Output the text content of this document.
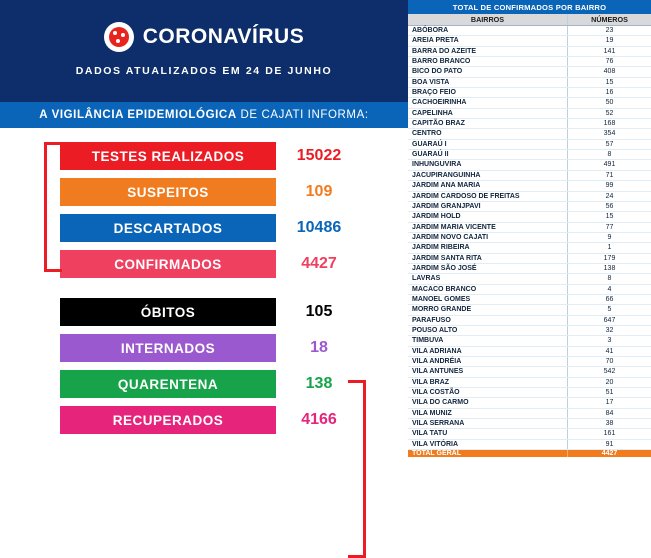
CORONAVÍRUS
DADOS ATUALIZADOS EM 24 DE JUNHO
A VIGILÂNCIA EPIDEMIOLÓGICA
DE CAJATI INFORMA:
TESTES REALIZADOS	15022
SUSPEITOS	109
DESCARTADOS	10486
CONFIRMADOS	4427
ÓBITOS	105
INTERNADOS	18
QUARENTENA	138
RECUPERADOS	4166
TOTAL DE CONFIRMADOS POR BAIRRO
BAIRROS	NÚMEROS
ABÓBORA	23
AREIA PRETA	19
BARRA DO AZEITE	141
BARRO BRANCO	76
BICO DO PATO	408
BOA VISTA	15
BRAÇO FEIO	16
CACHOEIRINHA	50
CAPELINHA	52
CAPITÃO BRAZ	168
CENTRO	354
GUARAÚ I	57
GUARAÚ II	8
INHUNGUVIRA	491
JACUPIRANGUINHA	71
JARDIM ANA MARIA	99
JARDIM CARDOSO DE FREITAS	24
JARDIM GRANJPAVI	56
JARDIM HOLD	15
JARDIM MARIA VICENTE	77
JARDIM NOVO CAJATI	9
JARDIM RIBEIRA	1
JARDIM SANTA RITA	179
JARDIM SÃO JOSÉ	138
LAVRAS	8
MACACO BRANCO	4
MANOEL GOMES	66
MORRO GRANDE	5
PARAFUSO	647
POUSO ALTO	32
TIMBUVA	3
VILA ADRIANA	41
VILA ANDRÉIA	70
VILA ANTUNES	542
VILA BRAZ	20
VILA COSTÃO	51
VILA DO CARMO	17
VILA MUNIZ	84
VILA SERRANA	38
VILA TATU	161
VILA VITÓRIA	91
TOTAL GERAL	4427
